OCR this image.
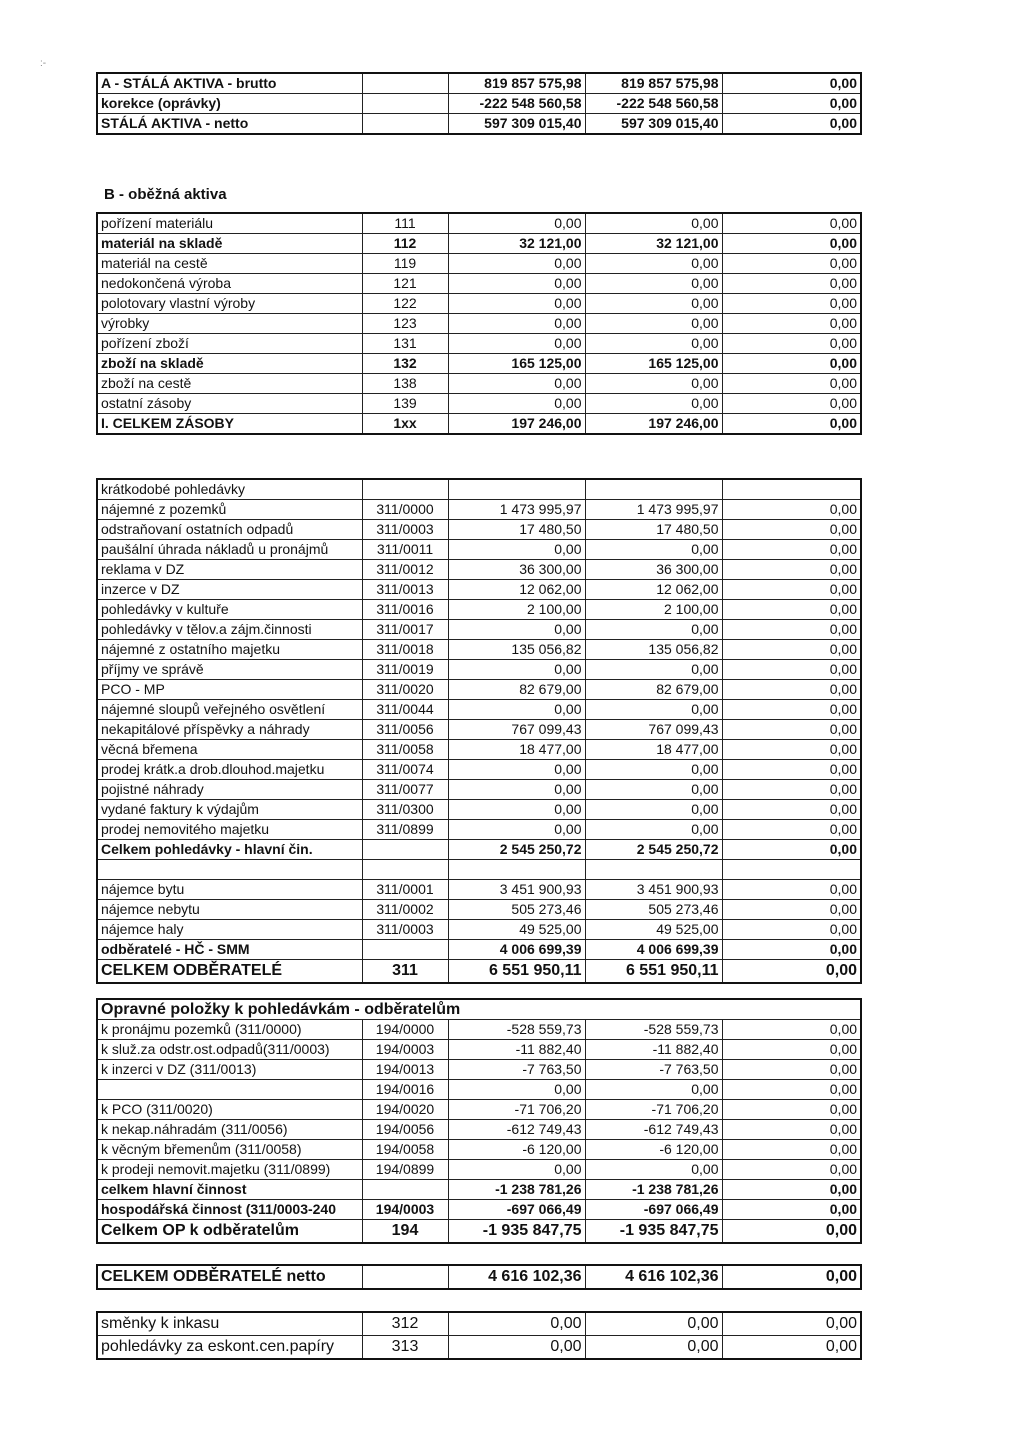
:-
A - STÁLÁ AKTIVA - brutto		819 857 575,98	819 857 575,98	0,00
korekce (oprávky)		-222 548 560,58	-222 548 560,58	0,00
STÁLÁ AKTIVA - netto		597 309 015,40	597 309 015,40	0,00
B - oběžná aktiva
pořízení materiálu	111	0,00	0,00	0,00
materiál na skladě	112	32 121,00	32 121,00	0,00
materiál na cestě	119	0,00	0,00	0,00
nedokončená výroba	121	0,00	0,00	0,00
polotovary vlastní výroby	122	0,00	0,00	0,00
výrobky	123	0,00	0,00	0,00
pořízení zboží	131	0,00	0,00	0,00
zboží na skladě	132	165 125,00	165 125,00	0,00
zboží na cestě	138	0,00	0,00	0,00
ostatní zásoby	139	0,00	0,00	0,00
I. CELKEM ZÁSOBY	1xx	197 246,00	197 246,00	0,00
krátkodobé pohledávky				
nájemné z pozemků	311/0000	1 473 995,97	1 473 995,97	0,00
odstraňovaní ostatních odpadů	311/0003	17 480,50	17 480,50	0,00
paušální úhrada nákladů u pronájmů	311/0011	0,00	0,00	0,00
reklama v DZ	311/0012	36 300,00	36 300,00	0,00
inzerce v DZ	311/0013	12 062,00	12 062,00	0,00
pohledávky v kultuře	311/0016	2 100,00	2 100,00	0,00
pohledávky v tělov.a zájm.činnosti	311/0017	0,00	0,00	0,00
nájemné z ostatního majetku	311/0018	135 056,82	135 056,82	0,00
příjmy ve správě	311/0019	0,00	0,00	0,00
PCO - MP	311/0020	82 679,00	82 679,00	0,00
nájemné sloupů veřejného osvětlení	311/0044	0,00	0,00	0,00
nekapitálové příspěvky a náhrady	311/0056	767 099,43	767 099,43	0,00
věcná břemena	311/0058	18 477,00	18 477,00	0,00
prodej krátk.a drob.dlouhod.majetku	311/0074	0,00	0,00	0,00
pojistné náhrady	311/0077	0,00	0,00	0,00
vydané faktury k výdajům	311/0300	0,00	0,00	0,00
prodej nemovitého majetku	311/0899	0,00	0,00	0,00
Celkem pohledávky - hlavní čin.		2 545 250,72	2 545 250,72	0,00

nájemce bytu	311/0001	3 451 900,93	3 451 900,93	0,00
nájemce nebytu	311/0002	505 273,46	505 273,46	0,00
nájemce haly	311/0003	49 525,00	49 525,00	0,00
odběratelé - HČ - SMM		4 006 699,39	4 006 699,39	0,00
CELKEM ODBĚRATELÉ	311	6 551 950,11	6 551 950,11	0,00
Opravné položky k pohledávkám - odběratelům				
k pronájmu pozemků (311/0000)	194/0000	-528 559,73	-528 559,73	0,00
k služ.za odstr.ost.odpadů(311/0003)	194/0003	-11 882,40	-11 882,40	0,00
k inzerci v DZ (311/0013)	194/0013	-7 763,50	-7 763,50	0,00
	194/0016	0,00	0,00	0,00
k PCO (311/0020)	194/0020	-71 706,20	-71 706,20	0,00
k nekap.náhradám (311/0056)	194/0056	-612 749,43	-612 749,43	0,00
k věcným břemenům (311/0058)	194/0058	-6 120,00	-6 120,00	0,00
k prodeji nemovit.majetku (311/0899)	194/0899	0,00	0,00	0,00
celkem hlavní činnost		-1 238 781,26	-1 238 781,26	0,00
hospodářská činnost (311/0003-240	194/0003	-697 066,49	-697 066,49	0,00
Celkem OP k odběratelům	194	-1 935 847,75	-1 935 847,75	0,00
CELKEM ODBĚRATELÉ netto		4 616 102,36	4 616 102,36	0,00
směnky k inkasu	312	0,00	0,00	0,00
pohledávky za eskont.cen.papíry	313	0,00	0,00	0,00
